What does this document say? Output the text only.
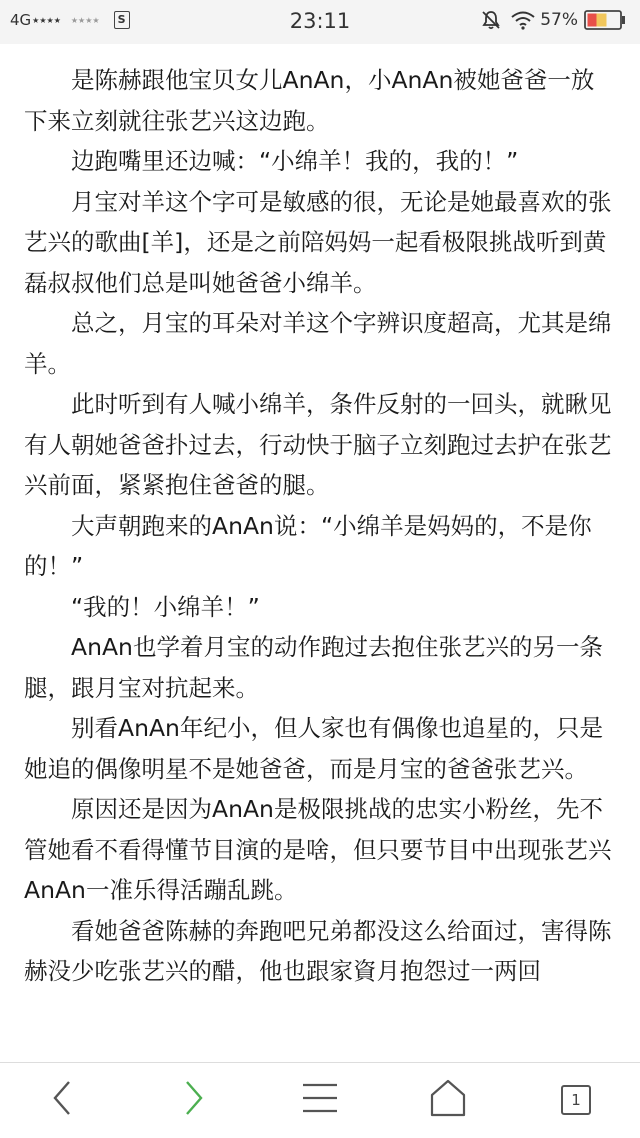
4G ★★★★ ★★★★	S	23:11	57%

是陈赫跟他宝贝女儿AnAn，小AnAn被她爸爸一放下来立刻就往张艺兴这边跑。

边跑嘴里还边喊：“小绵羊！我的，我的！”

月宝对羊这个字可是敏感的很，无论是她最喜欢的张艺兴的歌曲[羊]，还是之前陪妈妈一起看极限挑战听到黄磊叔叔他们总是叫她爸爸小绵羊。

总之，月宝的耳朵对羊这个字辨识度超高，尤其是绵羊。

此时听到有人喊小绵羊，条件反射的一回头，就瞅见有人朝她爸爸扑过去，行动快于脑子立刻跑过去护在张艺兴前面，紧紧抱住爸爸的腿。

大声朝跑来的AnAn说：“小绵羊是妈妈的，不是你的！”

“我的！小绵羊！”

AnAn也学着月宝的动作跑过去抱住张艺兴的另一条腿，跟月宝对抗起来。

别看AnAn年纪小，但人家也有偶像也追星的，只是她追的偶像明星不是她爸爸，而是月宝的爸爸张艺兴。

原因还是因为AnAn是极限挑战的忠实小粉丝，先不管她看不看得懂节目演的是啥，但只要节目中出现张艺兴AnAn一准乐得活蹦乱跳。

看她爸爸陈赫的奔跑吧兄弟都没这么给面过，害得陈赫没少吃张艺兴的醋，他也跟家資月抱怨过一两回

1
